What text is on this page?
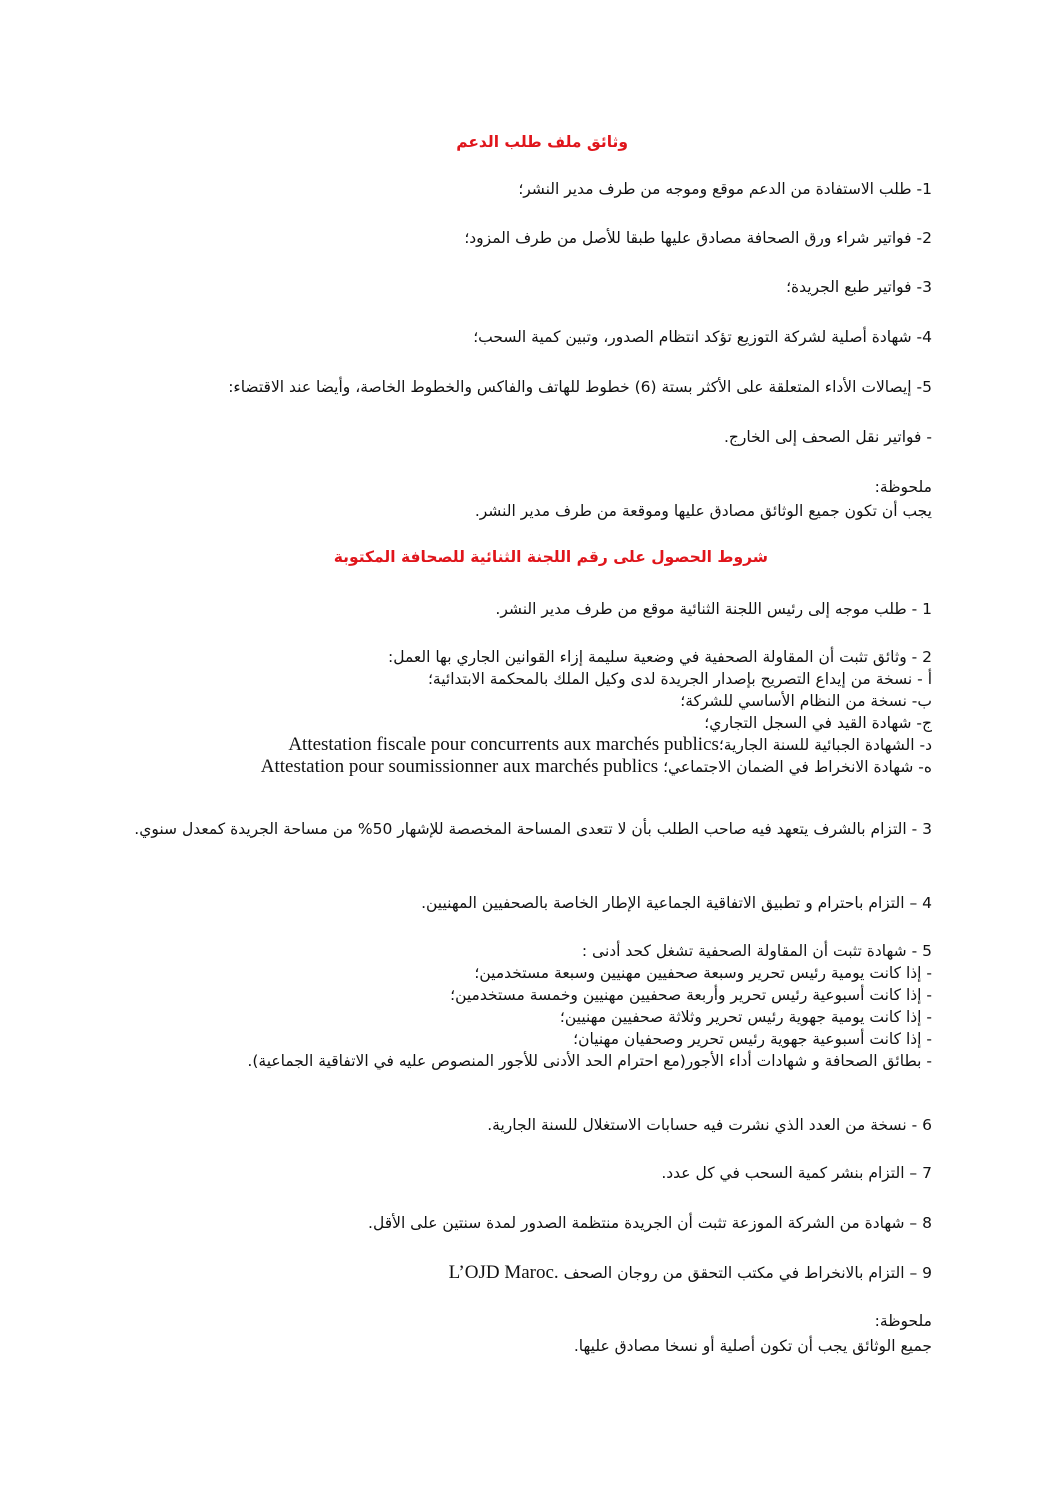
وثائق ملف طلب الدعم
1- طلب الاستفادة من الدعم موقع وموجه من طرف مدير النشر؛
2- فواتير شراء ورق الصحافة مصادق عليها طبقا للأصل من طرف المزود؛
3- فواتير طبع الجريدة؛
4- شهادة أصلية لشركة التوزيع تؤكد انتظام الصدور، وتبين كمية السحب؛
5- إيصالات الأداء المتعلقة على الأكثر بستة (6) خطوط للهاتف والفاكس والخطوط الخاصة، وأيضا عند الاقتضاء:
- فواتير نقل الصحف إلى الخارج.
ملحوظة:
يجب أن تكون جميع الوثائق مصادق عليها وموقعة من طرف مدير النشر.
شروط الحصول على رقم اللجنة الثنائية للصحافة المكتوبة
1 - طلب موجه إلى رئيس اللجنة الثنائية موقع من طرف مدير النشر.
2 - وثائق تثبت أن المقاولة الصحفية في وضعية سليمة إزاء القوانين الجاري بها العمل:
أ - نسخة من إيداع التصريح بإصدار الجريدة لدى وكيل الملك بالمحكمة الابتدائية؛
ب- نسخة من النظام الأساسي للشركة؛
ج- شهادة القيد في السجل التجاري؛
د- الشهادة الجبائية للسنة الجارية؛Attestation fiscale pour concurrents aux marchés publics
ه- شهادة الانخراط في الضمان الاجتماعي؛ Attestation pour soumissionner aux marchés publics
3 - التزام بالشرف يتعهد فيه صاحب الطلب بأن لا تتعدى المساحة المخصصة للإشهار 50% من مساحة الجريدة كمعدل سنوي.
4 – التزام باحترام و تطبيق الاتفاقية الجماعية الإطار الخاصة بالصحفيين المهنيين.
5 - شهادة تثبت أن المقاولة الصحفية تشغل كحد أدنى :
- إذا كانت يومية رئيس تحرير وسبعة صحفيين مهنيين وسبعة مستخدمين؛
- إذا كانت أسبوعية رئيس تحرير وأربعة صحفيين مهنيين وخمسة مستخدمين؛
- إذا كانت يومية جهوية رئيس تحرير وثلاثة صحفيين مهنيين؛
- إذا كانت أسبوعية جهوية رئيس تحرير وصحفيان مهنيان؛
- بطائق الصحافة و شهادات أداء الأجور(مع احترام الحد الأدنى للأجور المنصوص عليه في الاتفاقية الجماعية).
6 - نسخة من العدد الذي نشرت فيه حسابات الاستغلال للسنة الجارية.
7 – التزام بنشر كمية السحب في كل عدد.
8 – شهادة من الشركة الموزعة تثبت أن الجريدة منتظمة الصدور لمدة سنتين على الأقل.
9 – التزام بالانخراط في مكتب التحقق من روجان الصحف L’OJD Maroc.
ملحوظة:
جميع الوثائق يجب أن تكون أصلية أو نسخا مصادق عليها.
